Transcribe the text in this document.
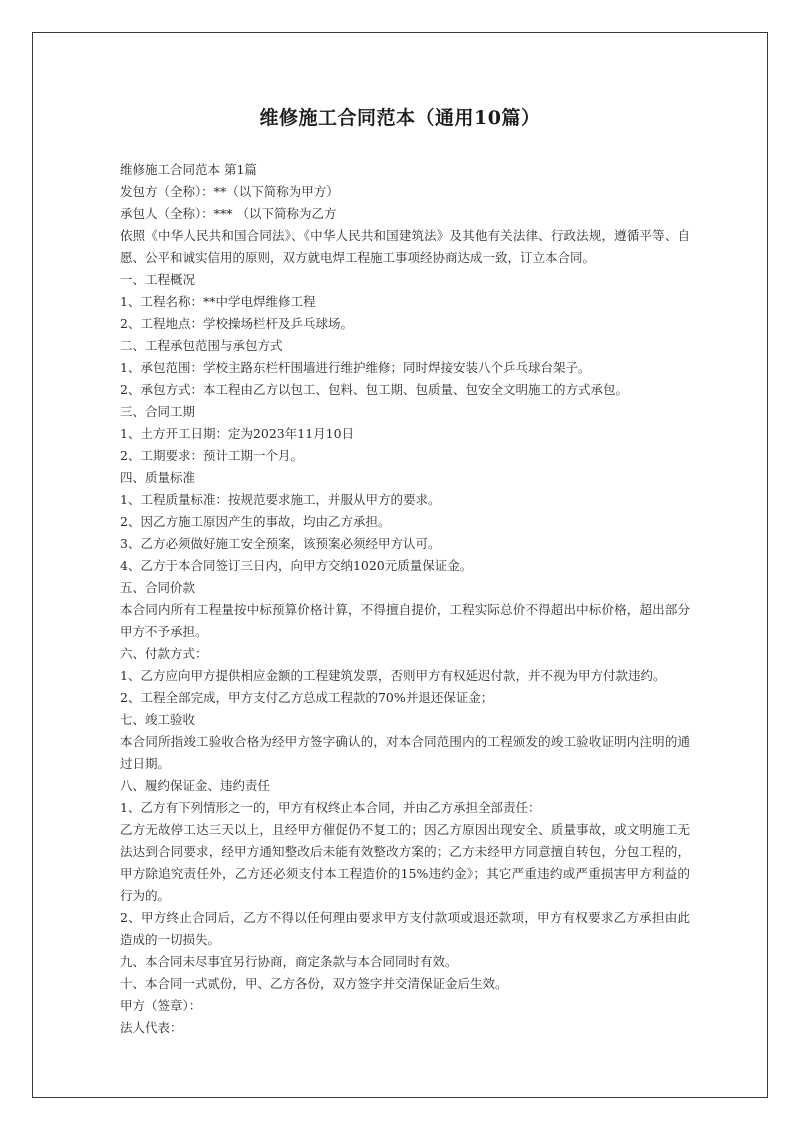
维修施工合同范本（通用10篇）
维修施工合同范本 第1篇
发包方（全称）：**（以下简称为甲方）
承包人（全称）：*** （以下简称为乙方
依照《中华人民共和国合同法》、《中华人民共和国建筑法》及其他有关法律、行政法规，遵循平等、自愿、公平和诚实信用的原则，双方就电焊工程施工事项经协商达成一致，订立本合同。
一、工程概况
1、工程名称：**中学电焊维修工程
2、工程地点：学校操场栏杆及乒乓球场。
二、工程承包范围与承包方式
1、承包范围：学校主路东栏杆围墙进行维护维修；同时焊接安装八个乒乓球台架子。
2、承包方式：本工程由乙方以包工、包料、包工期、包质量、包安全文明施工的方式承包。
三、合同工期
1、土方开工日期：定为2023年11月10日
2、工期要求：预计工期一个月。
四、质量标准
1、工程质量标准：按规范要求施工，并服从甲方的要求。
2、因乙方施工原因产生的事故，均由乙方承担。
3、乙方必须做好施工安全预案，该预案必须经甲方认可。
4、乙方于本合同签订三日内，向甲方交纳1020元质量保证金。
五、合同价款
本合同内所有工程量按中标预算价格计算，不得擅自提价，工程实际总价不得超出中标价格，超出部分甲方不予承担。
六、付款方式：
1、乙方应向甲方提供相应金额的工程建筑发票，否则甲方有权延迟付款，并不视为甲方付款违约。
2、工程全部完成，甲方支付乙方总成工程款的70%并退还保证金；
七、竣工验收
本合同所指竣工验收合格为经甲方签字确认的，对本合同范围内的工程颁发的竣工验收证明内注明的通过日期。
八、履约保证金、违约责任
1、乙方有下列情形之一的，甲方有权终止本合同，并由乙方承担全部责任：
乙方无故停工达三天以上，且经甲方催促仍不复工的；因乙方原因出现安全、质量事故，或文明施工无法达到合同要求，经甲方通知整改后未能有效整改方案的；乙方未经甲方同意擅自转包，分包工程的，甲方除追究责任外，乙方还必须支付本工程造价的15%违约金》；其它严重违约或严重损害甲方利益的行为的。
2、甲方终止合同后，乙方不得以任何理由要求甲方支付款项或退还款项，甲方有权要求乙方承担由此造成的一切损失。
九、本合同未尽事宜另行协商，商定条款与本合同同时有效。
十、本合同一式贰份，甲、乙方各份，双方签字并交清保证金后生效。
甲方（签章）：
法人代表：
